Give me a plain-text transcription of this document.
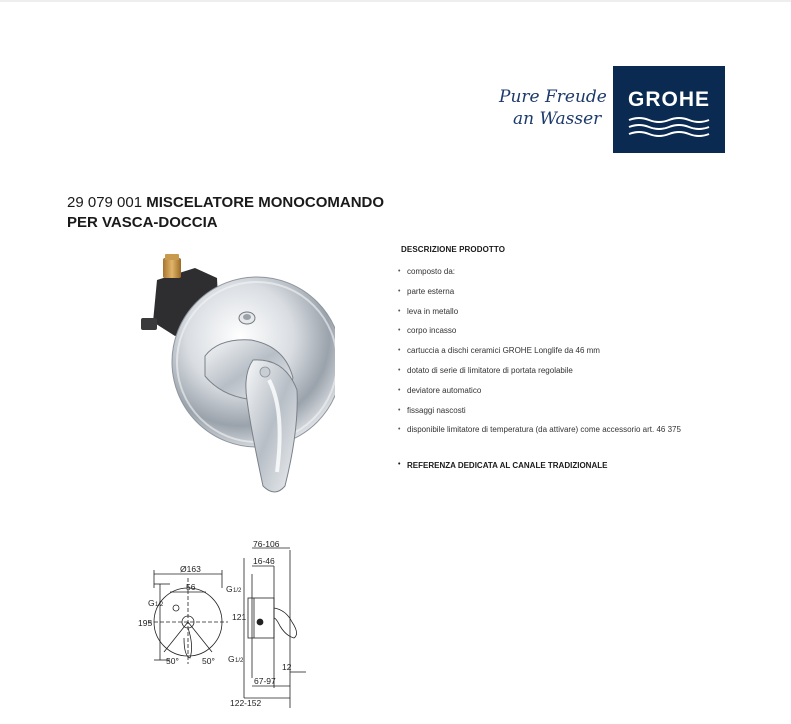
Pure Freude
an Wasser
GROHE
29 079 001 MISCELATORE MONOCOMANDO
PER VASCA-DOCCIA
DESCRIZIONE PRODOTTO
• composto da:
• parte esterna
• leva in metallo
• corpo incasso
• cartuccia a dischi ceramici GROHE Longlife da 46 mm
• dotato di serie di limitatore di portata regolabile
• deviatore automatico
• fissaggi nascosti
• disponibile limitatore di temperatura (da attivare) come accessorio art. 46 375
• REFERENZA DEDICATA AL CANALE TRADIZIONALE
76-106
16-46
Ø163
56
G 1/2
G 1/2
195
121
50°	50° G 1/2
12
67-97
122-152
